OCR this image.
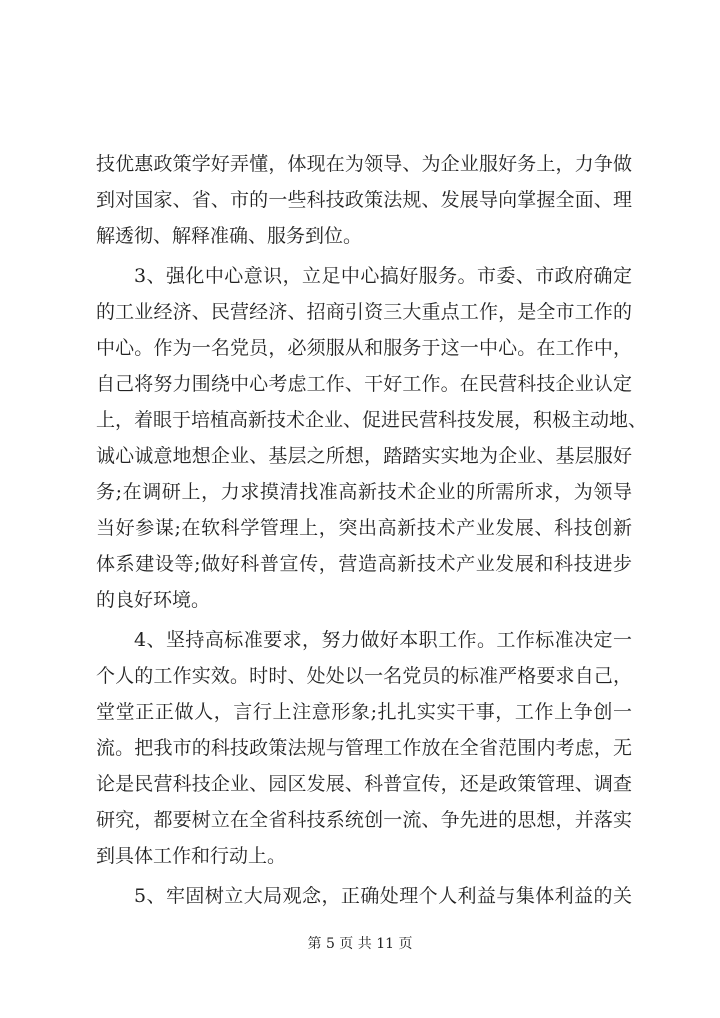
技优惠政策学好弄懂，体现在为领导、为企业服好务上，力争做
到对国家、省、市的一些科技政策法规、发展导向掌握全面、理
解透彻、解释准确、服务到位。
3、强化中心意识，立足中心搞好服务。市委、市政府确定
的工业经济、民营经济、招商引资三大重点工作，是全市工作的
中心。作为一名党员，必须服从和服务于这一中心。在工作中，
自己将努力围绕中心考虑工作、干好工作。在民营科技企业认定
上，着眼于培植高新技术企业、促进民营科技发展，积极主动地、
诚心诚意地想企业、基层之所想，踏踏实实地为企业、基层服好
务;在调研上，力求摸清找准高新技术企业的所需所求，为领导
当好参谋;在软科学管理上，突出高新技术产业发展、科技创新
体系建设等;做好科普宣传，营造高新技术产业发展和科技进步
的良好环境。
4、坚持高标准要求，努力做好本职工作。工作标准决定一
个人的工作实效。时时、处处以一名党员的标准严格要求自己，
堂堂正正做人，言行上注意形象;扎扎实实干事，工作上争创一
流。把我市的科技政策法规与管理工作放在全省范围内考虑，无
论是民营科技企业、园区发展、科普宣传，还是政策管理、调查
研究，都要树立在全省科技系统创一流、争先进的思想，并落实
到具体工作和行动上。
5、牢固树立大局观念，正确处理个人利益与集体利益的关
第 5 页 共 11 页
